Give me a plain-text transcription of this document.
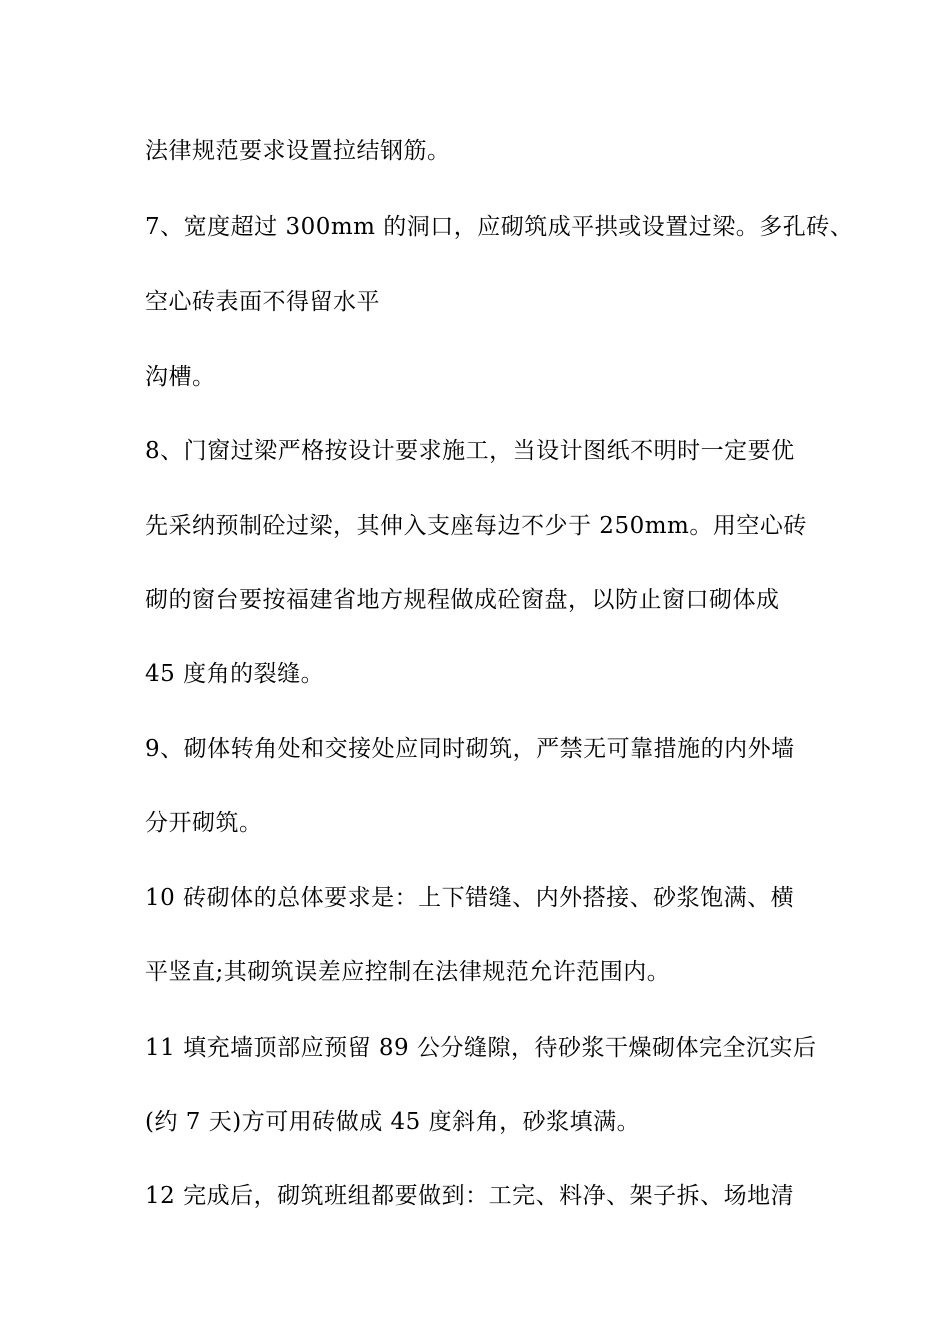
法律规范要求设置拉结钢筋。
7、宽度超过 300mm 的洞口，应砌筑成平拱或设置过梁。多孔砖、
空心砖表面不得留水平
沟槽。
8、门窗过梁严格按设计要求施工，当设计图纸不明时一定要优
先采纳预制砼过梁，其伸入支座每边不少于 250mm。用空心砖
砌的窗台要按福建省地方规程做成砼窗盘，以防止窗口砌体成
45 度角的裂缝。
9、砌体转角处和交接处应同时砌筑，严禁无可靠措施的内外墙
分开砌筑。
10 砖砌体的总体要求是：上下错缝、内外搭接、砂浆饱满、横
平竖直;其砌筑误差应控制在法律规范允许范围内。
11 填充墙顶部应预留 89 公分缝隙，待砂浆干燥砌体完全沉实后
(约 7 天)方可用砖做成 45 度斜角，砂浆填满。
12 完成后，砌筑班组都要做到：工完、料净、架子拆、场地清
